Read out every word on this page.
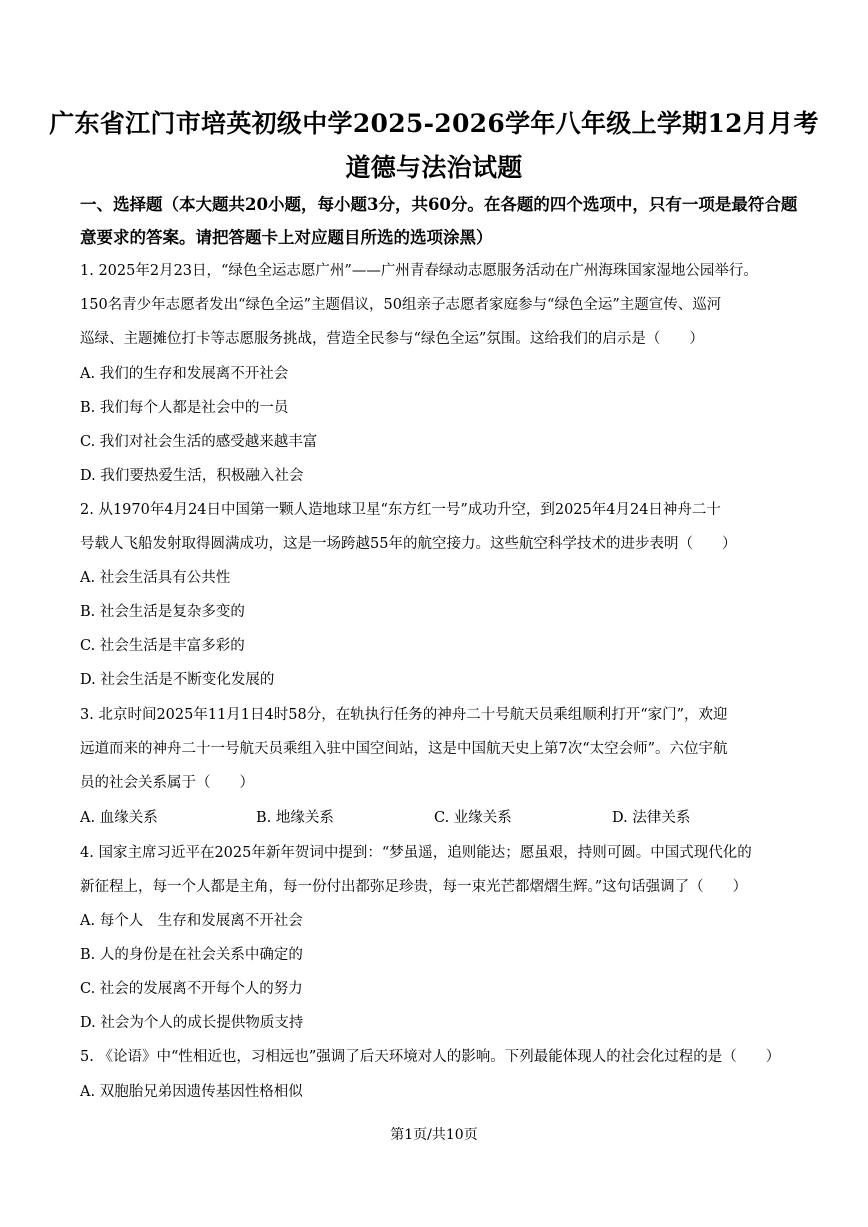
广东省江门市培英初级中学2025-2026学年八年级上学期12月月考
道德与法治试题
一、选择题（本大题共20小题，每小题3分，共60分。在各题的四个选项中，只有一项是最符合题意要求的答案。请把答题卡上对应题目所选的选项涂黑）
1. 2025年2月23日，“绿色全运志愿广州”——广州青春绿动志愿服务活动在广州海珠国家湿地公园举行。
150名青少年志愿者发出“绿色全运”主题倡议，50组亲子志愿者家庭参与“绿色全运”主题宣传、巡河
巡绿、主题摊位打卡等志愿服务挑战，营造全民参与“绿色全运”氛围。这给我们的启示是（　　）
A. 我们的生存和发展离不开社会
B. 我们每个人都是社会中的一员
C. 我们对社会生活的感受越来越丰富
D. 我们要热爱生活，积极融入社会
2. 从1970年4月24日中国第一颗人造地球卫星“东方红一号”成功升空，到2025年4月24日神舟二十
号载人飞船发射取得圆满成功，这是一场跨越55年的航空接力。这些航空科学技术的进步表明（　　）
A. 社会生活具有公共性
B. 社会生活是复杂多变的
C. 社会生活是丰富多彩的
D. 社会生活是不断变化发展的
3. 北京时间2025年11月1日4时58分，在轨执行任务的神舟二十号航天员乘组顺利打开“家门”，欢迎
远道而来的神舟二十一号航天员乘组入驻中国空间站，这是中国航天史上第7次“太空会师”。六位宇航
员的社会关系属于（　　）
A. 血缘关系	B. 地缘关系	C. 业缘关系	D. 法律关系
4. 国家主席习近平在2025年新年贺词中提到：“梦虽遥，追则能达；愿虽艰，持则可圆。中国式现代化的
新征程上，每一个人都是主角，每一份付出都弥足珍贵，每一束光芒都熠熠生辉。”这句话强调了（　　）
A. 每个人　生存和发展离不开社会
B. 人的身份是在社会关系中确定的
C. 社会的发展离不开每个人的努力
D. 社会为个人的成长提供物质支持
5. 《论语》中“性相近也，习相远也”强调了后天环境对人的影响。下列最能体现人的社会化过程的是（　　）
A. 双胞胎兄弟因遗传基因性格相似
第1页/共10页
